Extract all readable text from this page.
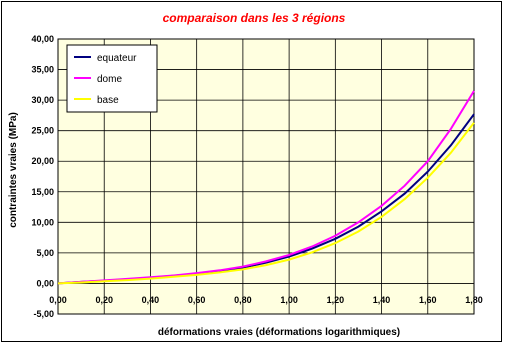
comparaison dans les 3 régions
0,00	0,20	0,40	0,60	0,80	1,00	1,20	1,40	1,60	1,80
-5,00
0,00
5,00
10,00
15,00
20,00
25,00
30,00
35,00
40,00
equateur
dome
base
déformations vraies (déformations logarithmiques)
contraintes vraies (MPa)
